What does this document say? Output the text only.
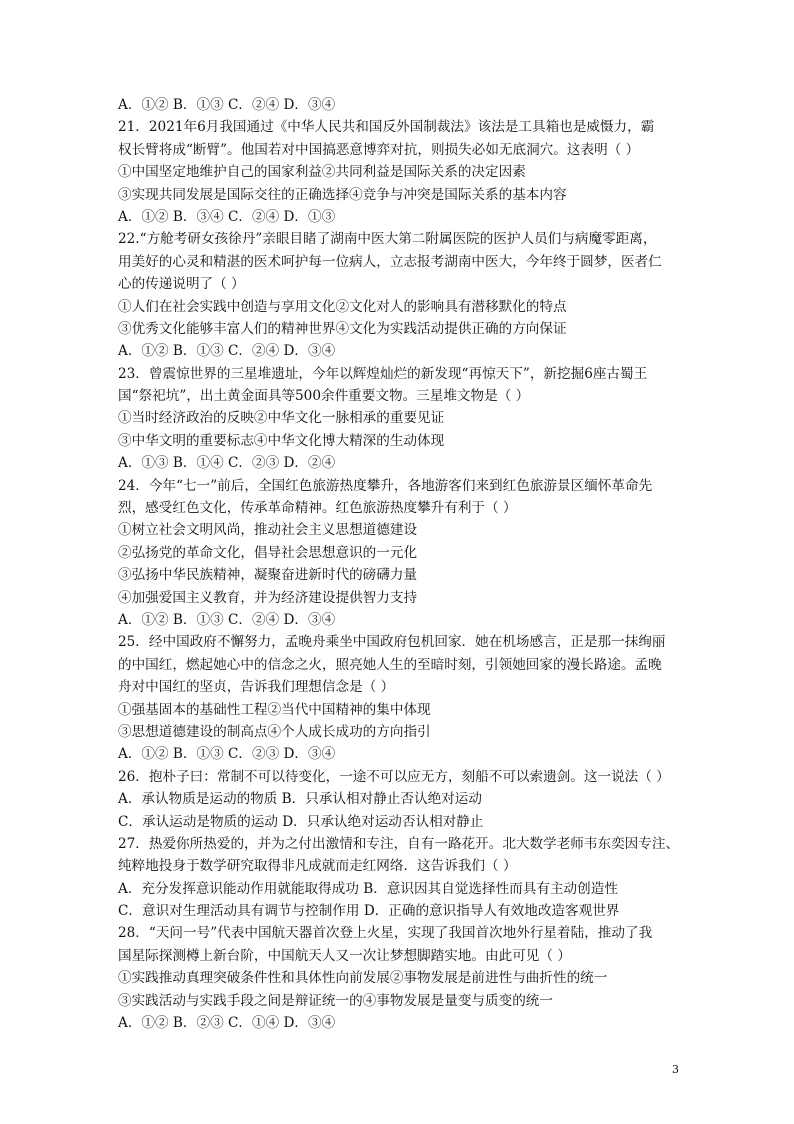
A．①② B．①③ C．②④ D．③④
21．2021年6月我国通过《中华人民共和国反外国制裁法》该法是工具箱也是威慑力，霸
权长臂将成“断臂”。他国若对中国搞恶意博弈对抗，则损失必如无底洞穴。这表明（ ）
①中国坚定地维护自己的国家利益②共同利益是国际关系的决定因素
③实现共同发展是国际交往的正确选择④竞争与冲突是国际关系的基本内容
A．①② B．③④ C．②④ D．①③
22.“方舱考研女孩徐丹”亲眼目睹了湖南中医大第二附属医院的医护人员们与病魔零距离，
用美好的心灵和精湛的医术呵护每一位病人，立志报考湖南中医大，今年终于圆梦，医者仁
心的传递说明了（ ）
①人们在社会实践中创造与享用文化②文化对人的影响具有潜移默化的特点
③优秀文化能够丰富人们的精神世界④文化为实践活动提供正确的方向保证
A．①② B．①③ C．②④ D．③④
23．曾震惊世界的三星堆遗址，今年以辉煌灿烂的新发现“再惊天下”，新挖掘6座古蜀王
国“祭祀坑”，出土黄金面具等500余件重要文物。三星堆文物是（ ）
①当时经济政治的反映②中华文化一脉相承的重要见证
③中华文明的重要标志④中华文化博大精深的生动体现
A．①③ B．①④ C．②③ D．②④
24．今年“七一”前后，全国红色旅游热度攀升，各地游客们来到红色旅游景区缅怀革命先
烈，感受红色文化，传承革命精神。红色旅游热度攀升有利于（ ）
①树立社会文明风尚，推动社会主义思想道德建设
②弘扬党的革命文化，倡导社会思想意识的一元化
③弘扬中华民族精神，凝聚奋进新时代的磅礴力量
④加强爱国主义教育，并为经济建设提供智力支持
A．①② B．①③ C．②④ D．③④
25．经中国政府不懈努力，孟晚舟乘坐中国政府包机回家．她在机场感言，正是那一抹绚丽
的中国红，燃起她心中的信念之火，照亮她人生的至暗时刻，引领她回家的漫长路途。孟晚
舟对中国红的坚贞，告诉我们理想信念是（ ）
①强基固本的基础性工程②当代中国精神的集中体现
③思想道德建设的制高点④个人成长成功的方向指引
A．①② B．①③ C．②③ D．③④
26．抱朴子曰：常制不可以待变化，一途不可以应无方，刻船不可以索遗剑。这一说法（ ）
A．承认物质是运动的物质 B．只承认相对静止否认绝对运动
C．承认运动是物质的运动 D．只承认绝对运动否认相对静止
27．热爱你所热爱的，并为之付出激情和专注，自有一路花开。北大数学老师韦东奕因专注、
纯粹地投身于数学研究取得非凡成就而走红网络．这告诉我们（ ）
A．充分发挥意识能动作用就能取得成功 B．意识因其自觉选择性而具有主动创造性
C．意识对生理活动具有调节与控制作用 D．正确的意识指导人有效地改造客观世界
28．“天问一号”代表中国航天器首次登上火星，实现了我国首次地外行星着陆，推动了我
国星际探测樽上新台阶，中国航天人又一次让梦想脚踏实地。由此可见（ ）
①实践推动真理突破条件性和具体性向前发展②事物发展是前进性与曲折性的统一
③实践活动与实践手段之间是辩证统一的④事物发展是量变与质变的统一
A．①② B．②③ C．①④ D．③④
3
